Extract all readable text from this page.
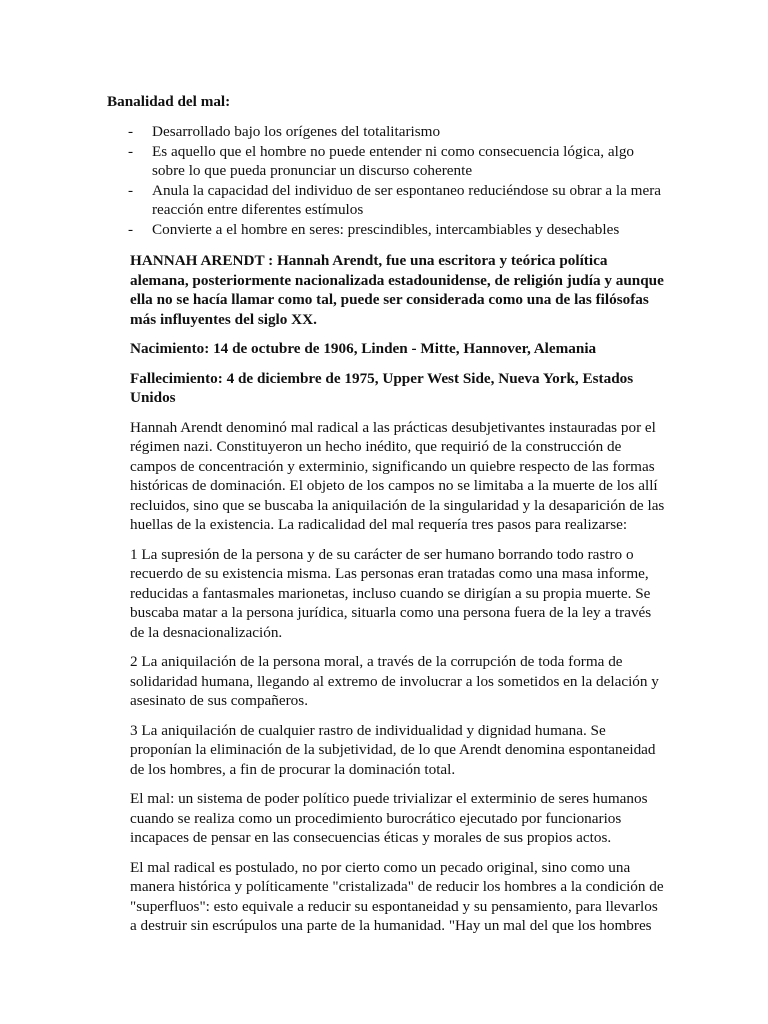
Banalidad del mal:

- Desarrollado bajo los orígenes del totalitarismo
- Es aquello que el hombre no puede entender ni como consecuencia lógica, algo sobre lo que pueda pronunciar un discurso coherente
- Anula la capacidad del individuo de ser espontaneo reduciéndose su obrar a la mera reacción entre diferentes estímulos
- Convierte a el hombre en seres: prescindibles, intercambiables y desechables

HANNAH ARENDT : Hannah Arendt, fue una escritora y teórica política alemana, posteriormente nacionalizada estadounidense, de religión judía y aunque ella no se hacía llamar como tal, puede ser considerada como una de las filósofas más influyentes del siglo XX.

Nacimiento: 14 de octubre de 1906, Linden - Mitte, Hannover, Alemania

Fallecimiento: 4 de diciembre de 1975, Upper West Side, Nueva York, Estados Unidos

Hannah Arendt denominó mal radical a las prácticas desubjetivantes instauradas por el régimen nazi. Constituyeron un hecho inédito, que requirió de la construcción de campos de concentración y exterminio, significando un quiebre respecto de las formas históricas de dominación. El objeto de los campos no se limitaba a la muerte de los allí recluidos, sino que se buscaba la aniquilación de la singularidad y la desaparición de las huellas de la existencia. La radicalidad del mal requería tres pasos para realizarse:

1 La supresión de la persona y de su carácter de ser humano borrando todo rastro o recuerdo de su existencia misma. Las personas eran tratadas como una masa informe, reducidas a fantasmales marionetas, incluso cuando se dirigían a su propia muerte. Se buscaba matar a la persona jurídica, situarla como una persona fuera de la ley a través de la desnacionalización.

2 La aniquilación de la persona moral, a través de la corrupción de toda forma de solidaridad humana, llegando al extremo de involucrar a los sometidos en la delación y asesinato de sus compañeros.

3 La aniquilación de cualquier rastro de individualidad y dignidad humana. Se proponían la eliminación de la subjetividad, de lo que Arendt denomina espontaneidad de los hombres, a fin de procurar la dominación total.

El mal: un sistema de poder político puede trivializar el exterminio de seres humanos cuando se realiza como un procedimiento burocrático ejecutado por funcionarios incapaces de pensar en las consecuencias éticas y morales de sus propios actos.

El mal radical es postulado, no por cierto como un pecado original, sino como una manera histórica y políticamente "cristalizada" de reducir los hombres a la condición de "superfluos": esto equivale a reducir su espontaneidad y su pensamiento, para llevarlos a destruir sin escrúpulos una parte de la humanidad. "Hay un mal del que los hombres
